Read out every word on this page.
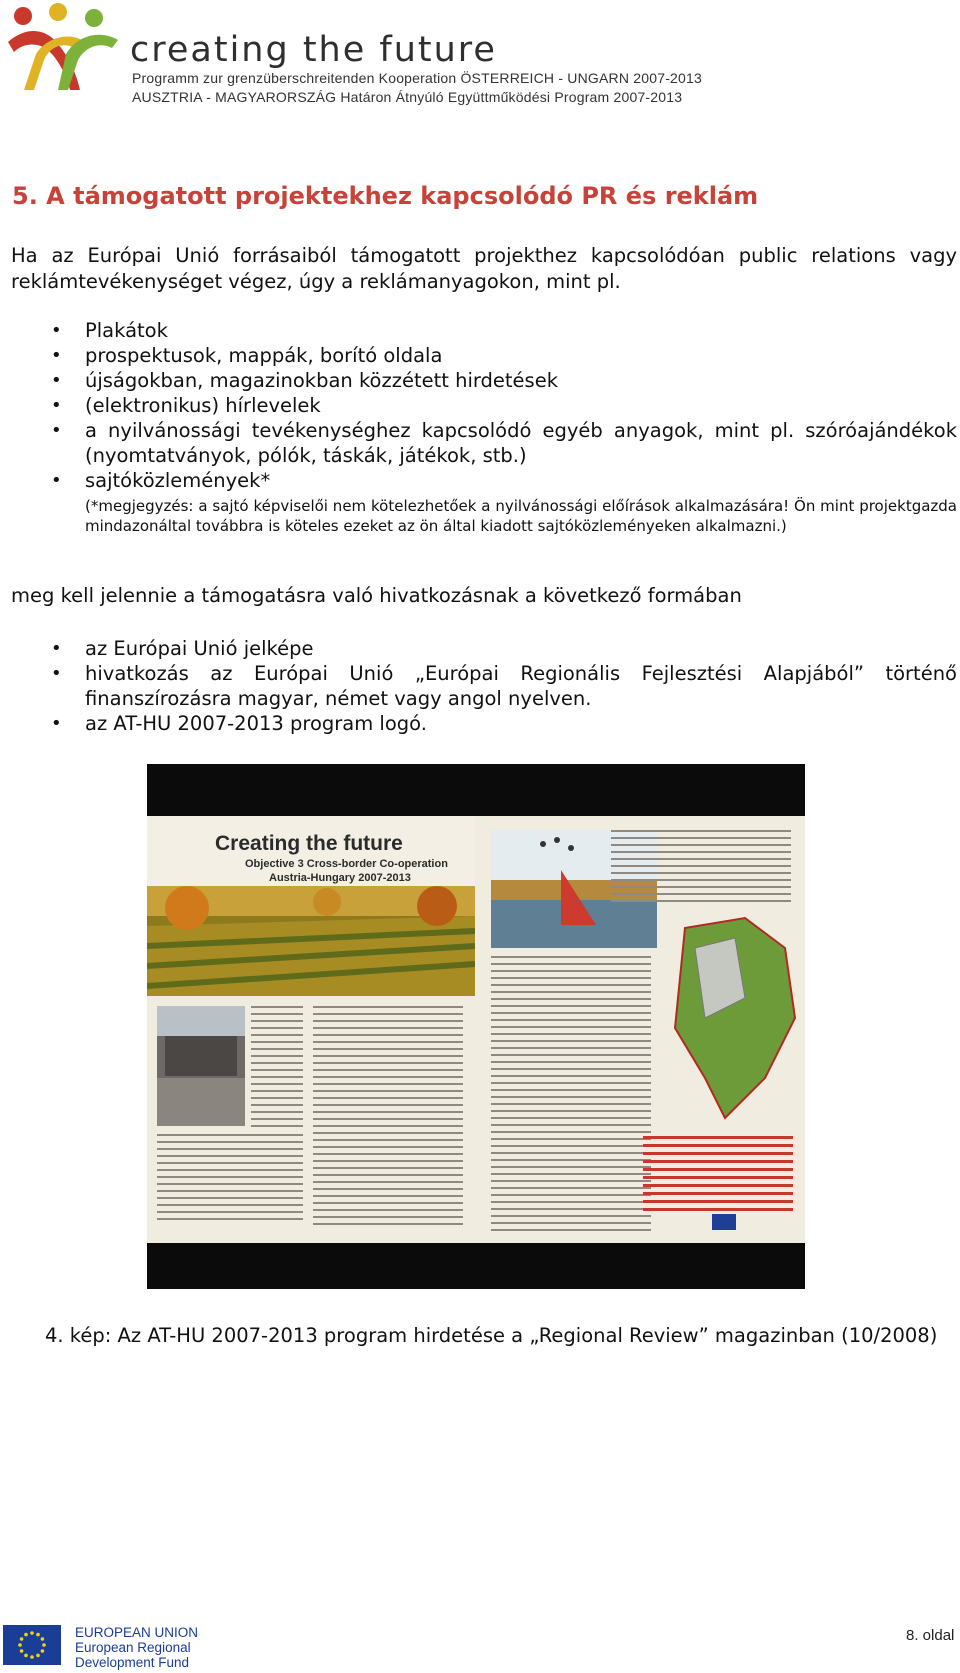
creating the future
Programm zur grenzüberschreitenden Kooperation ÖSTERREICH - UNGARN 2007-2013
AUSZTRIA - MAGYARORSZÁG Határon Átnyúló Együttműködési Program 2007-2013
5. A támogatott projektekhez kapcsolódó PR és reklám

Ha az Európai Unió forrásaiból támogatott projekthez kapcsolódóan public relations vagy reklámtevékenységet végez, úgy a reklámanyagokon, mint pl.

• Plakátok
• prospektusok, mappák, borító oldala
• újságokban, magazinokban közzétett hirdetések
• (elektronikus) hírlevelek
• a nyilvánossági tevékenységhez kapcsolódó egyéb anyagok, mint pl. szóróajándékok (nyomtatványok, pólók, táskák, játékok, stb.)
• sajtóközlemények*
(*megjegyzés: a sajtó képviselői nem kötelezhetőek a nyilvánossági előírások alkalmazására! Ön mint projektgazda mindazonáltal továbbra is köteles ezeket az ön által kiadott sajtóközleményeken alkalmazni.)

meg kell jelennie a támogatásra való hivatkozásnak a következő formában

• az Európai Unió jelképe
• hivatkozás az Európai Unió „Európai Regionális Fejlesztési Alapjából” történő finanszírozásra magyar, német vagy angol nyelven.
• az AT-HU 2007-2013 program logó.
Creating the future
Objective 3 Cross-border Co-operation
Austria-Hungary 2007-2013

4. kép: Az AT-HU 2007-2013 program hirdetése a „Regional Review” magazinban (10/2008)

EUROPEAN UNION
European Regional
Development Fund
8. oldal
